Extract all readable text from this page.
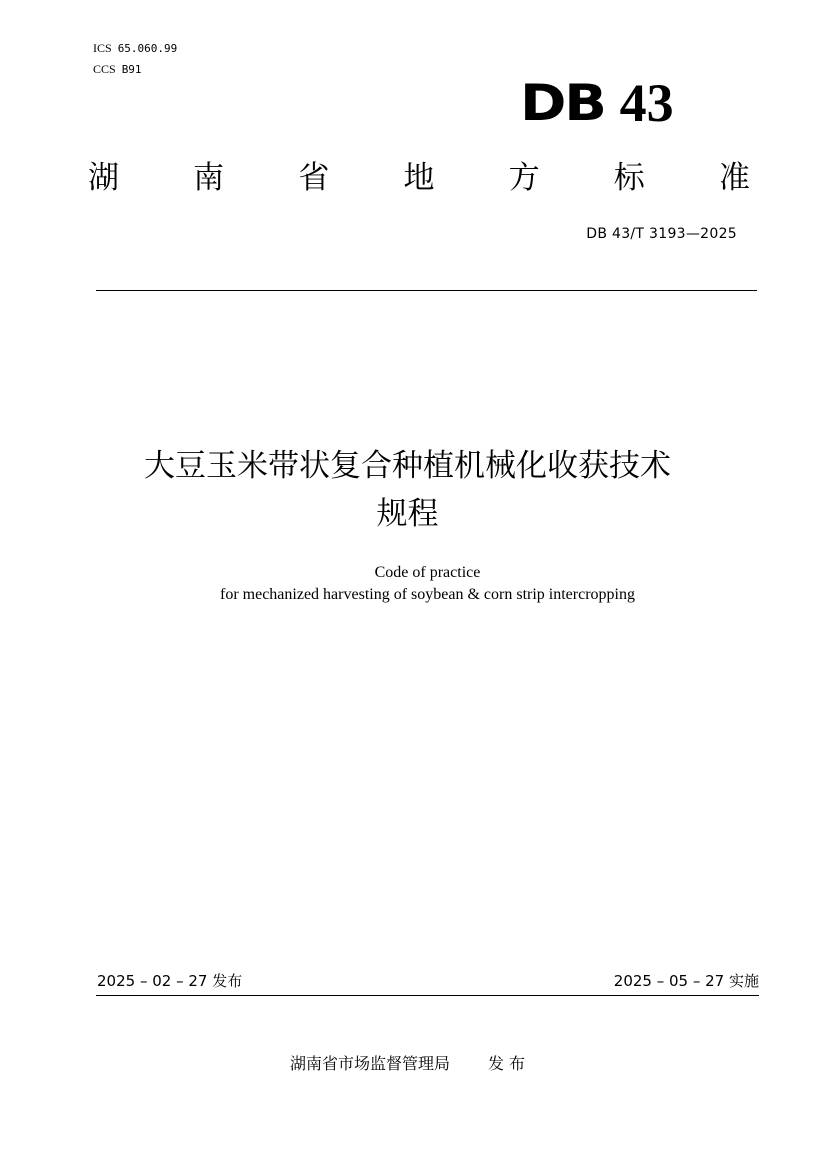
ICS 65.060.99
CCS B91
DB 43
湖 南 省 地 方 标 准
DB 43/T 3193—2025
大豆玉米带状复合种植机械化收获技术
规程
Code of practice
for mechanized harvesting of soybean & corn strip intercropping
2025 – 02 – 27 发布	2025 – 05 – 27 实施
湖南省市场监督管理局 发 布
